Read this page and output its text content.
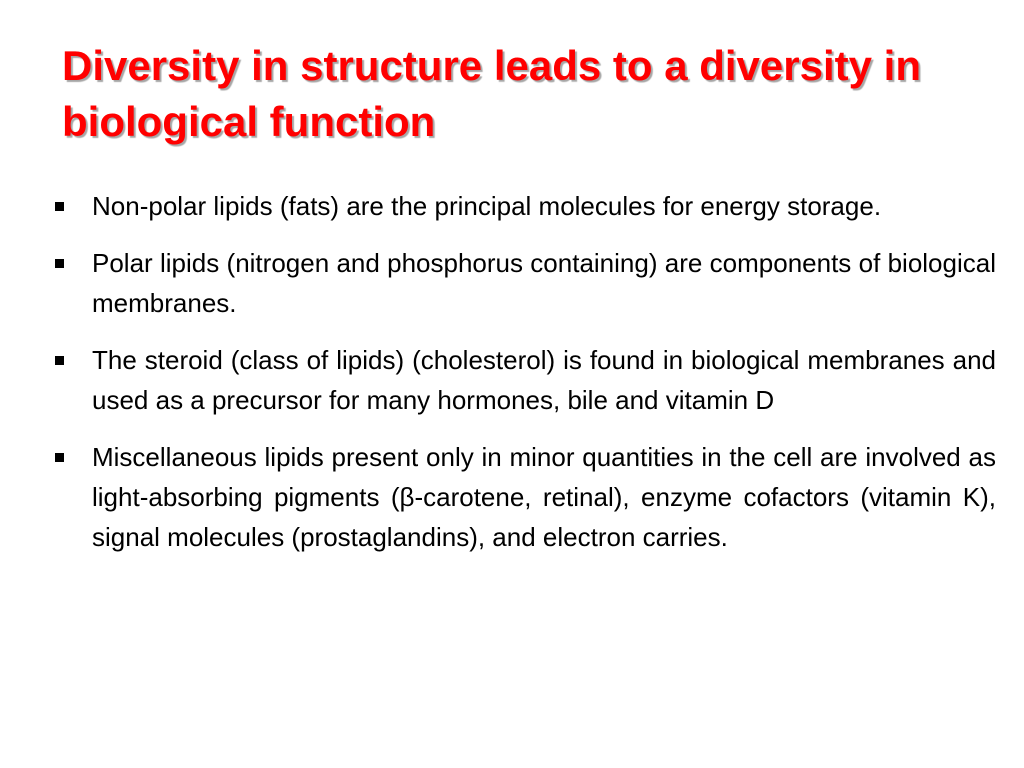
Diversity in structure leads to a diversity in biological function
Non-polar lipids (fats) are the principal molecules for energy storage.
Polar lipids (nitrogen and phosphorus containing) are components of biological membranes.
The steroid (class of lipids) (cholesterol) is found in biological membranes and used as a precursor for many hormones, bile and vitamin D
Miscellaneous lipids present only in minor quantities in the cell are involved as light-absorbing pigments (β-carotene, retinal), enzyme cofactors (vitamin K), signal molecules (prostaglandins), and electron carries.
